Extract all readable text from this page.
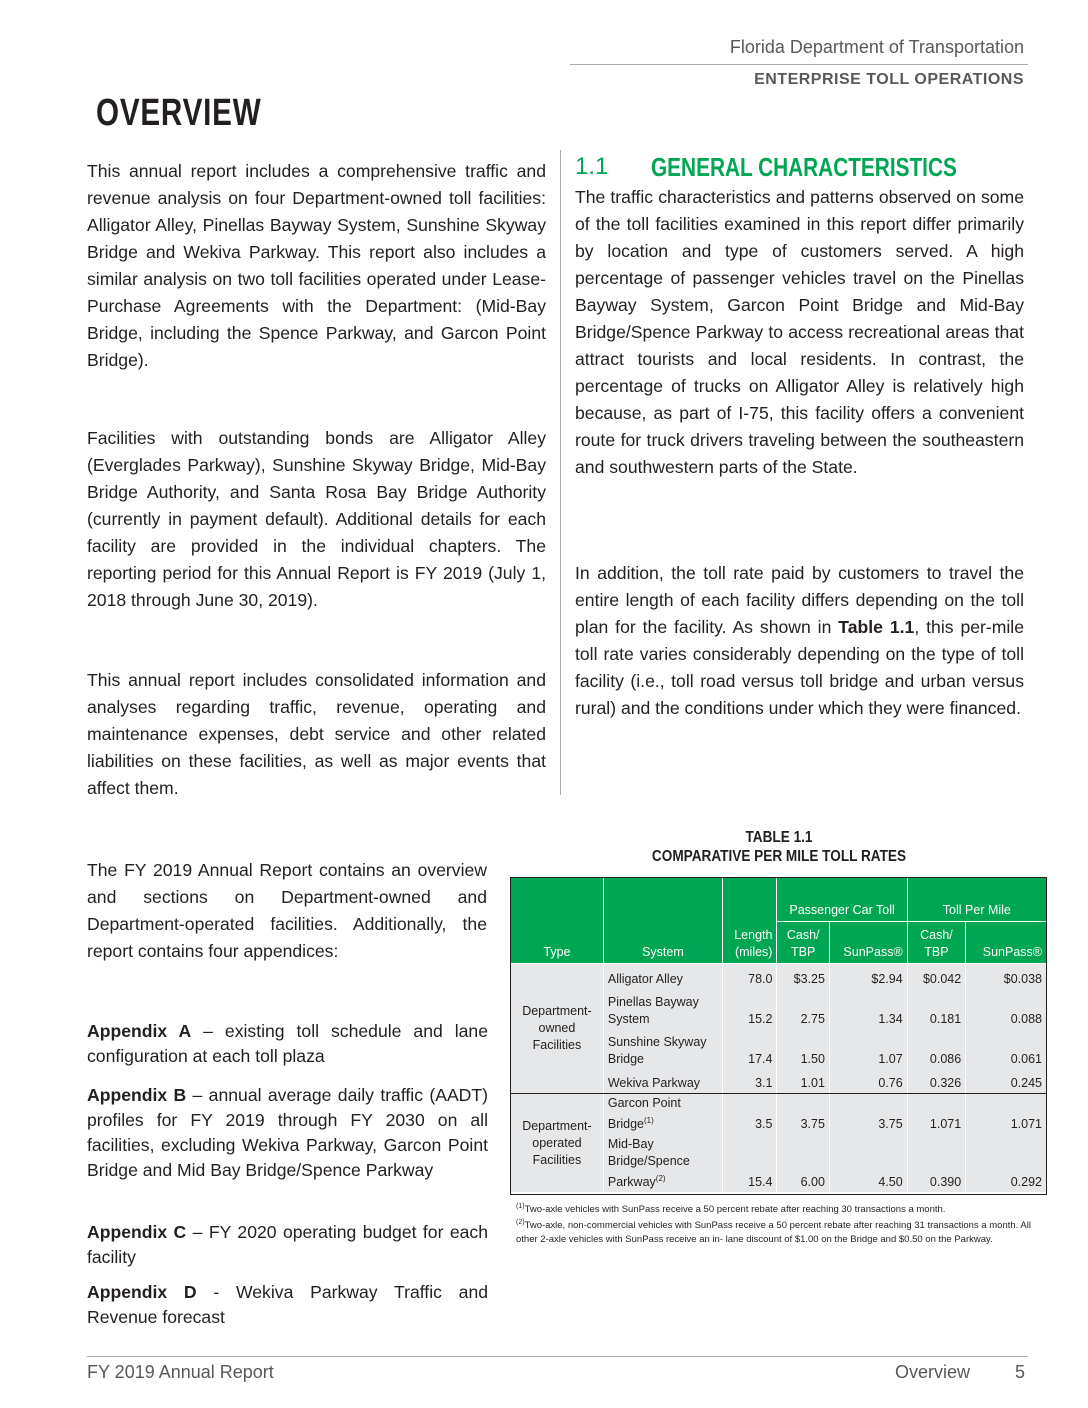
Florida Department of Transportation
ENTERPRISE TOLL OPERATIONS
OVERVIEW

This annual report includes a comprehensive traffic and revenue analysis on four Department-owned toll facilities: Alligator Alley, Pinellas Bayway System, Sunshine Skyway Bridge and Wekiva Parkway. This report also includes a similar analysis on two toll facilities operated under Lease-Purchase Agreements with the Department: (Mid-Bay Bridge, including the Spence Parkway, and Garcon Point Bridge).

Facilities with outstanding bonds are Alligator Alley (Everglades Parkway), Sunshine Skyway Bridge, Mid-Bay Bridge Authority, and Santa Rosa Bay Bridge Authority (currently in payment default). Additional details for each facility are provided in the individual chapters. The reporting period for this Annual Report is FY 2019 (July 1, 2018 through June 30, 2019).

This annual report includes consolidated information and analyses regarding traffic, revenue, operating and maintenance expenses, debt service and other related liabilities on these facilities, as well as major events that affect them.

The FY 2019 Annual Report contains an overview and sections on Department-owned and Department-operated facilities. Additionally, the report contains four appendices:

Appendix A – existing toll schedule and lane configuration at each toll plaza

Appendix B – annual average daily traffic (AADT) profiles for FY 2019 through FY 2030 on all facilities, excluding Wekiva Parkway, Garcon Point Bridge and Mid Bay Bridge/Spence Parkway

Appendix C – FY 2020 operating budget for each facility

Appendix D - Wekiva Parkway Traffic and Revenue forecast

1.1 GENERAL CHARACTERISTICS

The traffic characteristics and patterns observed on some of the toll facilities examined in this report differ primarily by location and type of customers served. A high percentage of passenger vehicles travel on the Pinellas Bayway System, Garcon Point Bridge and Mid-Bay Bridge/Spence Parkway to access recreational areas that attract tourists and local residents. In contrast, the percentage of trucks on Alligator Alley is relatively high because, as part of I-75, this facility offers a convenient route for truck drivers traveling between the southeastern and southwestern parts of the State.

In addition, the toll rate paid by customers to travel the entire length of each facility differs depending on the toll plan for the facility. As shown in Table 1.1, this per-mile toll rate varies considerably depending on the type of toll facility (i.e., toll road versus toll bridge and urban versus rural) and the conditions under which they were financed.

TABLE 1.1
COMPARATIVE PER MILE TOLL RATES
Type	System	Length (miles)	Passenger Car Toll		Toll Per Mile	
			Cash/ TBP	SunPass®	Cash/ TBP	SunPass®
Department-owned Facilities	Alligator Alley	78.0	$3.25	$2.94	$0.042	$0.038
	Pinellas Bayway System	15.2	2.75	1.34	0.181	0.088
	Sunshine Skyway Bridge	17.4	1.50	1.07	0.086	0.061
	Wekiva Parkway	3.1	1.01	0.76	0.326	0.245
Department-operated Facilities	Garcon Point Bridge$^{(1)}$	3.5	3.75	3.75	1.071	1.071
	Mid-Bay Bridge/Spence Parkway$^{(2)}$	15.4	6.00	4.50	0.390	0.292

$^{(1)}$Two-axle vehicles with SunPass receive a 50 percent rebate after reaching 30 transactions a month.

$^{(2)}$Two-axle, non-commercial vehicles with SunPass receive a 50 percent rebate after reaching 31 transactions a month. All other 2-axle vehicles with SunPass receive an in- lane discount of $1.00 on the Bridge and $0.50 on the Parkway.

FY 2019 Annual Report	Overview 5
